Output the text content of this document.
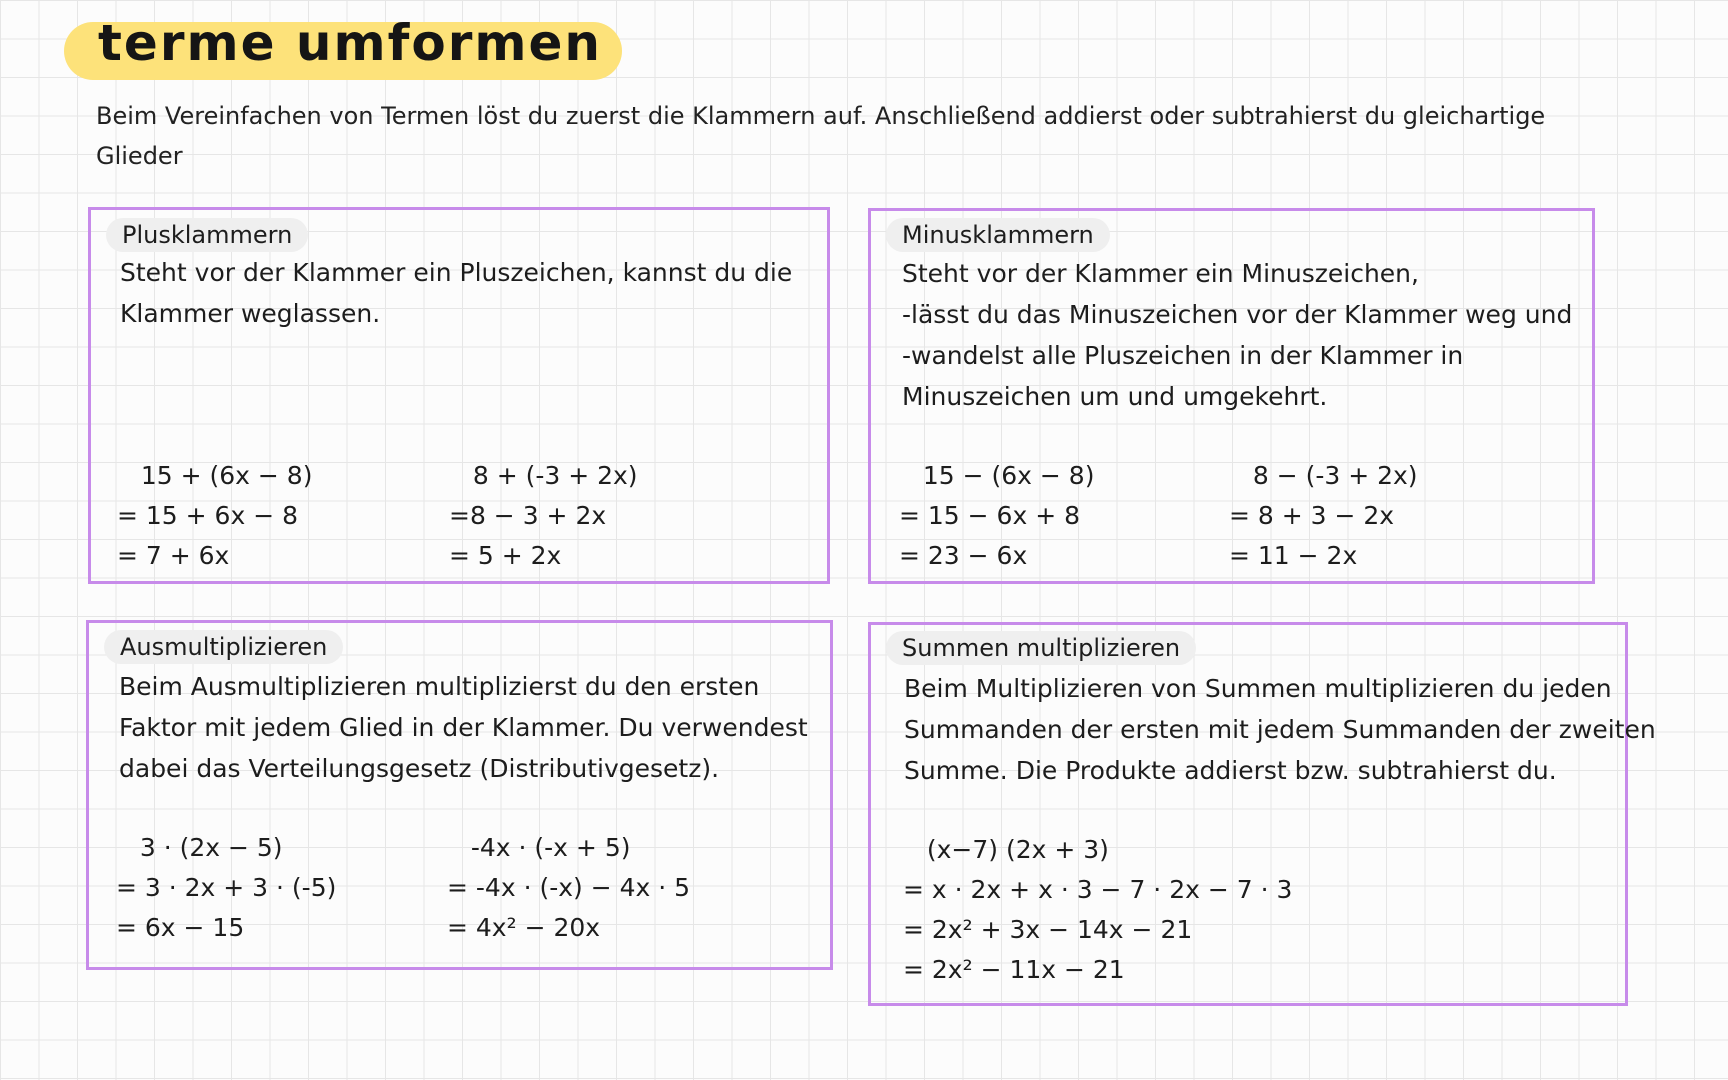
terme umformen
Beim Vereinfachen von Termen löst du zuerst die Klammern auf. Anschließend addierst oder subtrahierst du gleichartige
Glieder
Plusklammern
Steht vor der Klammer ein Pluszeichen, kannst du die
Klammer weglassen.
15 + (6x − 8)
= 15 + 6x − 8
= 7 + 6x
8 + (-3 + 2x)
=8 − 3 + 2x
= 5 + 2x
Minusklammern
Steht vor der Klammer ein Minuszeichen,
-lässt du das Minuszeichen vor der Klammer weg und
-wandelst alle Pluszeichen in der Klammer in
Minuszeichen um und umgekehrt.
15 − (6x − 8)
= 15 − 6x + 8
= 23 − 6x
8 − (-3 + 2x)
= 8 + 3 − 2x
= 11 − 2x
Ausmultiplizieren
Beim Ausmultiplizieren multiplizierst du den ersten
Faktor mit jedem Glied in der Klammer. Du verwendest
dabei das Verteilungsgesetz (Distributivgesetz).
3 · (2x − 5)
= 3 · 2x + 3 · (-5)
= 6x − 15
-4x · (-x + 5)
= -4x · (-x) − 4x · 5
= 4x² − 20x
Summen multiplizieren
Beim Multiplizieren von Summen multiplizieren du jeden
Summanden der ersten mit jedem Summanden der zweiten
Summe. Die Produkte addierst bzw. subtrahierst du.
(x−7) (2x + 3)
= x · 2x + x · 3 − 7 · 2x − 7 · 3
= 2x² + 3x − 14x − 21
= 2x² − 11x − 21
